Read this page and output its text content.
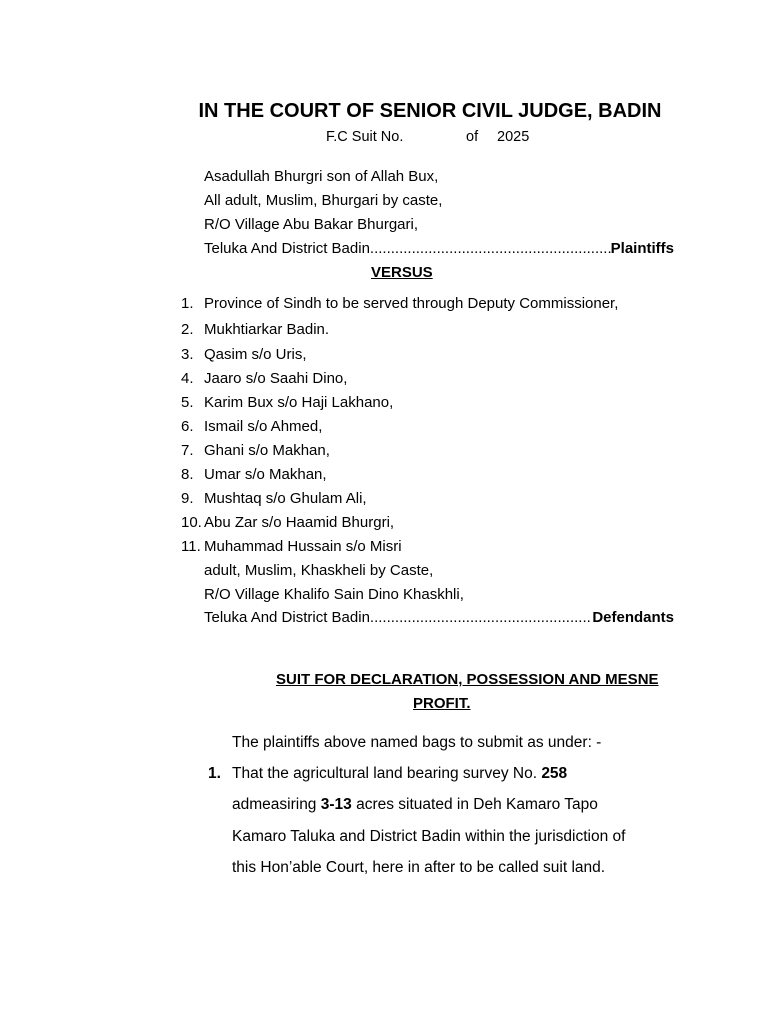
IN THE COURT OF SENIOR CIVIL JUDGE, BADIN
F.C Suit No.	of 2025
Asadullah Bhurgri son of Allah Bux,
All adult, Muslim, Bhurgari by caste,
R/O Village Abu Bakar Bhurgari,
Teluka And District Badin .....	Plaintiffs
VERSUS
1. Province of Sindh to be served through Deputy Commissioner,
2. Mukhtiarkar Badin.
3. Qasim s/o Uris,
4. Jaaro s/o Saahi Dino,
5. Karim Bux s/o Haji Lakhano,
6. Ismail s/o Ahmed,
7. Ghani s/o Makhan,
8. Umar s/o Makhan,
9. Mushtaq s/o Ghulam Ali,
10. Abu Zar s/o Haamid Bhurgri,
11. Muhammad Hussain s/o Misri
adult, Muslim, Khaskheli by Caste,
R/O Village Khalifo Sain Dino Khaskhli,
Teluka And District Badin .....	Defendants
SUIT FOR DECLARATION, POSSESSION AND MESNE
PROFIT.
The plaintiffs above named bags to submit as under: -
1. That the agricultural land bearing survey No. 258
admeasiring 3-13 acres situated in Deh Kamaro Tapo
Kamaro Taluka and District Badin within the jurisdiction of
this Hon’able Court, here in after to be called suit land.
